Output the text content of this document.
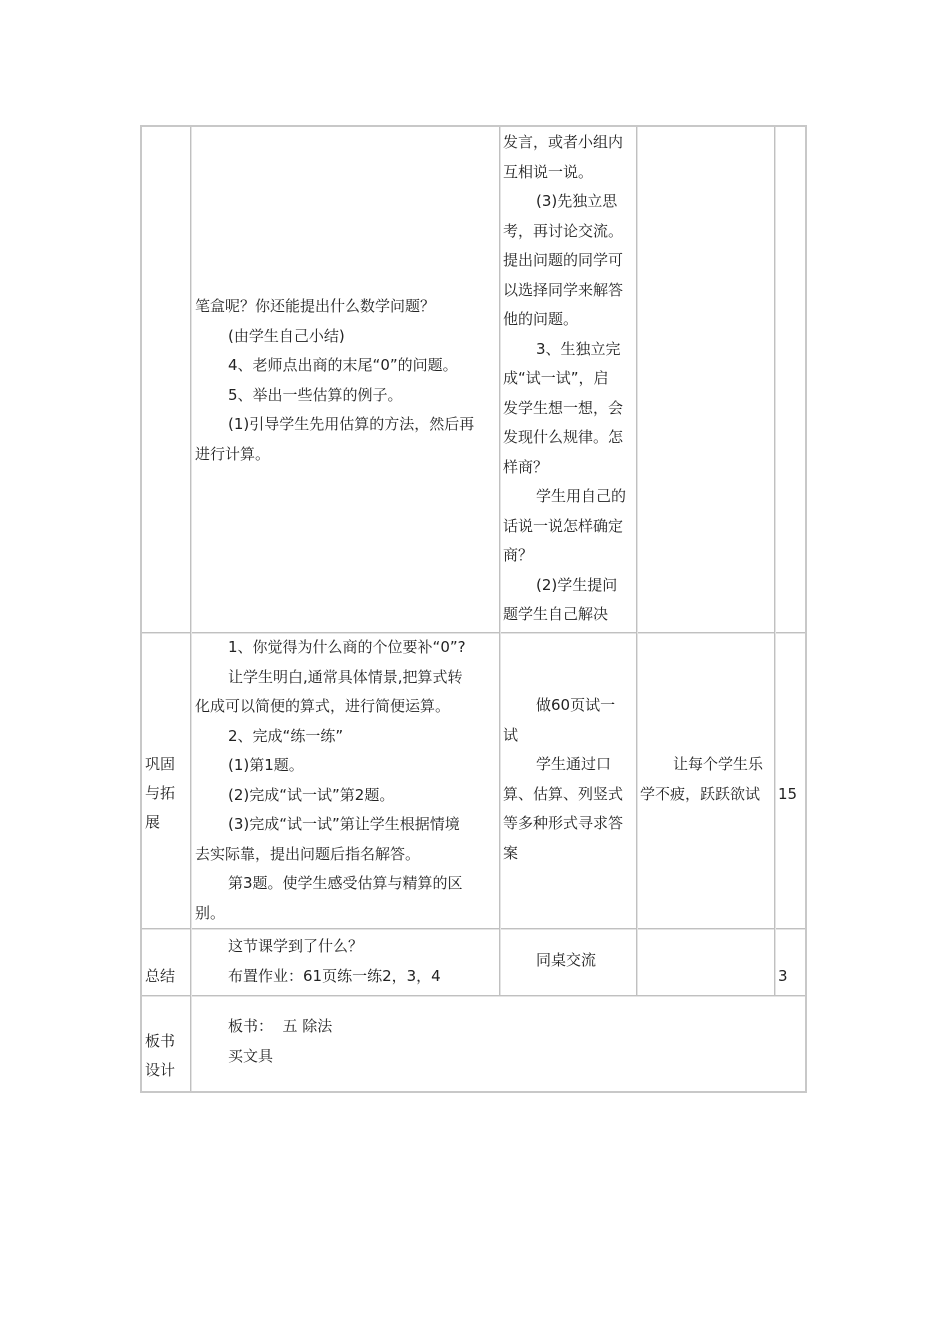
笔盒呢？你还能提出什么数学问题？

(由学生自己小结)

4、老师点出商的末尾“0”的问题。

5、举出一些估算的例子。

(1)引导学生先用估算的方法，然后再

进行计算。

发言，或者小组内

互相说一说。

(3)先独立思

考，再讨论交流。

提出问题的同学可

以选择同学来解答

他的问题。

3、生独立完

成“试一试”，启

发学生想一想，会

发现什么规律。怎

样商？

学生用自己的

话说一说怎样确定

商？

(2)学生提问

题学生自己解决

巩固

与拓

展

1、你觉得为什么商的个位要补“0”?

让学生明白,通常具体情景,把算式转

化成可以简便的算式，进行简便运算。

2、完成“练一练”

(1)第1题。

(2)完成“试一试”第2题。

(3)完成“试一试”第让学生根据情境

去实际靠，提出问题后指名解答。

第3题。使学生感受估算与精算的区

别。

做60页试一

试

学生通过口

算、估算、列竖式

等多种形式寻求答

案

让每个学生乐

学不疲，跃跃欲试 15

总结

这节课学到了什么？

布置作业：61页练一练2，3，4

同桌交流

3

板书

设计

板书：  五 除法

买文具
